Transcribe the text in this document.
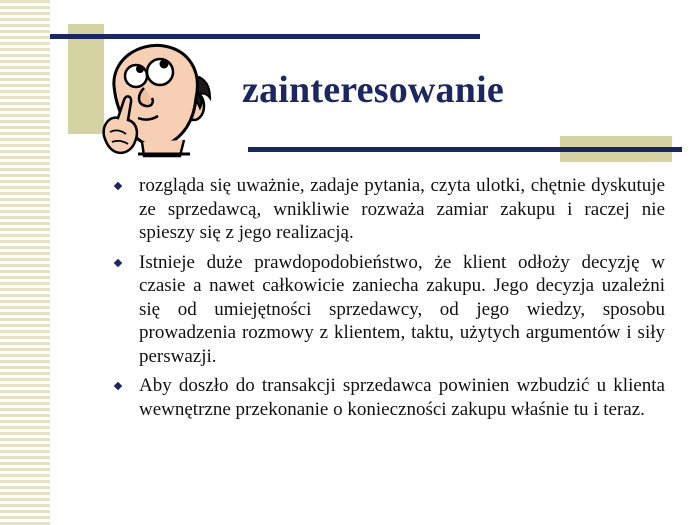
zainteresowanie
rozgląda się uważnie, zadaje pytania, czyta ulotki, chętnie dyskutuje ze sprzedawcą, wnikliwie rozważa zamiar zakupu i raczej nie spieszy się z jego realizacją.
Istnieje duże prawdopodobieństwo, że klient odłoży decyzję w czasie a nawet całkowicie zaniecha zakupu. Jego decyzja uzależni się od umiejętności sprzedawcy, od jego wiedzy, sposobu prowadzenia rozmowy z klientem, taktu, użytych argumentów i siły perswazji.
Aby doszło do transakcji sprzedawca powinien wzbudzić u klienta wewnętrzne przekonanie o konieczności zakupu właśnie tu i teraz.
